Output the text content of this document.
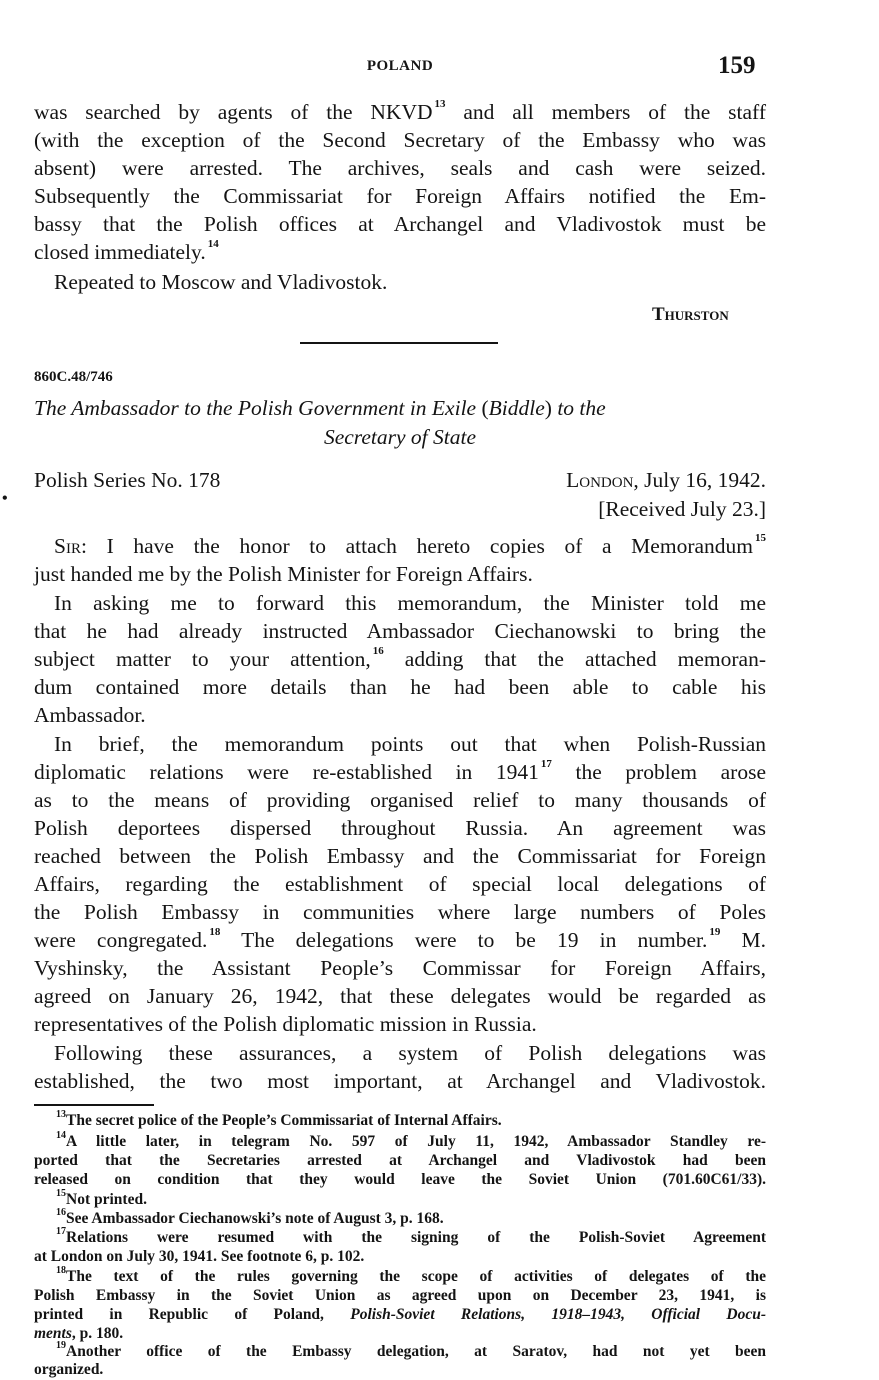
POLAND	159
was searched by agents of the NKVD $^{13}$ and all members of the staff
(with the exception of the Second Secretary of the Embassy who was
absent) were arrested. The archives, seals and cash were seized.
Subsequently the Commissariat for Foreign Affairs notified the Em-
bassy that the Polish offices at Archangel and Vladivostok must be
closed immediately. $^{14}$
Repeated to Moscow and Vladivostok.
Thurston
860C.48/746
The Ambassador to the Polish Government in Exile (Biddle) to the
Secretary of State
Polish Series No. 178	London, July 16, 1942.
[Received July 23.]
•
Sir: I have the honor to attach hereto copies of a Memorandum $^{15}$
just handed me by the Polish Minister for Foreign Affairs.
In asking me to forward this memorandum, the Minister told me
that he had already instructed Ambassador Ciechanowski to bring the
subject matter to your attention, $^{16}$ adding that the attached memoran-
dum contained more details than he had been able to cable his
Ambassador.
In brief, the memorandum points out that when Polish-Russian
diplomatic relations were re-established in 1941 $^{17}$ the problem arose
as to the means of providing organised relief to many thousands of
Polish deportees dispersed throughout Russia. An agreement was
reached between the Polish Embassy and the Commissariat for Foreign
Affairs, regarding the establishment of special local delegations of
the Polish Embassy in communities where large numbers of Poles
were congregated. $^{18}$ The delegations were to be 19 in number. $^{19}$ M.
Vyshinsky, the Assistant People’s Commissar for Foreign Affairs,
agreed on January 26, 1942, that these delegates would be regarded as
representatives of the Polish diplomatic mission in Russia.
Following these assurances, a system of Polish delegations was
established, the two most important, at Archangel and Vladivostok.
$^{13}$The secret police of the People’s Commissariat of Internal Affairs.
$^{14}$A little later, in telegram No. 597 of July 11, 1942, Ambassador Standley re-
ported that the Secretaries arrested at Archangel and Vladivostok had been
released on condition that they would leave the Soviet Union (701.60C61/33).
$^{15}$Not printed.
$^{16}$See Ambassador Ciechanowski’s note of August 3, p. 168.
$^{17}$Relations were resumed with the signing of the Polish-Soviet Agreement
at London on July 30, 1941. See footnote 6, p. 102.
$^{18}$The text of the rules governing the scope of activities of delegates of the
Polish Embassy in the Soviet Union as agreed upon on December 23, 1941, is
printed in Republic of Poland, Polish-Soviet Relations, 1918–1943, Official Docu-
ments, p. 180.
$^{19}$Another office of the Embassy delegation, at Saratov, had not yet been
organized.
